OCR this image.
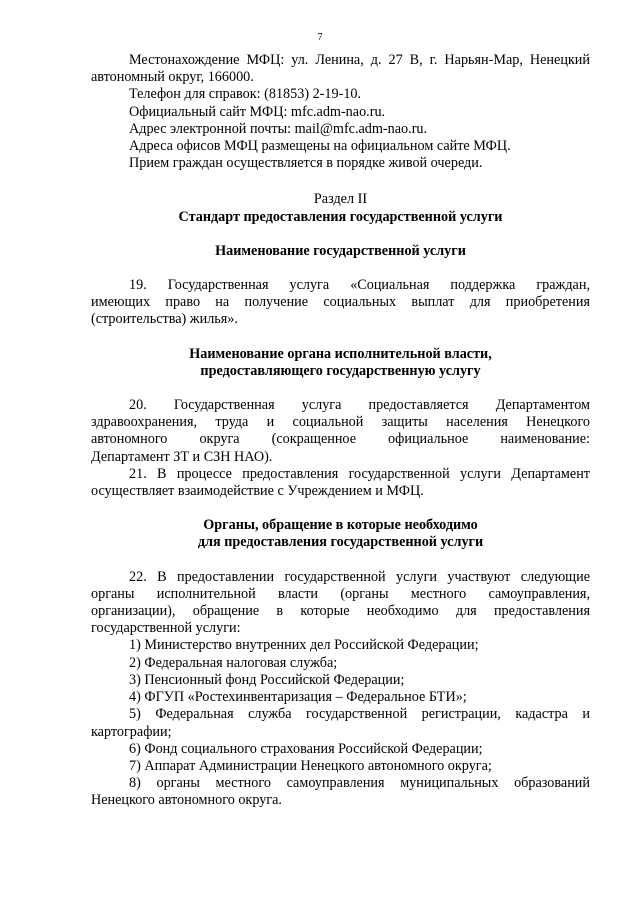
7

Местонахождение МФЦ: ул. Ленина, д. 27 В, г. Нарьян-Мар, Ненецкий

автономный округ, 166000.

Телефон для справок: (81853) 2-19-10.

Официальный сайт МФЦ: mfc.adm-nao.ru.

Адрес электронной почты: mail@mfc.adm-nao.ru.

Адреса офисов МФЦ размещены на официальном сайте МФЦ.

Прием граждан осуществляется в порядке живой очереди.

Раздел II

Стандарт предоставления государственной услуги

Наименование государственной услуги

19. Государственная услуга «Социальная поддержка граждан,

имеющих право на получение социальных выплат для приобретения

(строительства) жилья».

Наименование органа исполнительной власти,

предоставляющего государственную услугу

20. Государственная услуга предоставляется Департаментом

здравоохранения, труда и социальной защиты населения Ненецкого

автономного округа (сокращенное официальное наименование:

Департамент ЗТ и СЗН НАО).

21. В процессе предоставления государственной услуги Департамент

осуществляет взаимодействие с Учреждением и МФЦ.

Органы, обращение в которые необходимо

для предоставления государственной услуги

22. В предоставлении государственной услуги участвуют следующие

органы исполнительной власти (органы местного самоуправления,

организации), обращение в которые необходимо для предоставления

государственной услуги:

1) Министерство внутренних дел Российской Федерации;

2) Федеральная налоговая служба;

3) Пенсионный фонд Российской Федерации;

4) ФГУП «Ростехинвентаризация – Федеральное БТИ»;

5) Федеральная служба государственной регистрации, кадастра и

картографии;

6) Фонд социального страхования Российской Федерации;

7) Аппарат Администрации Ненецкого автономного округа;

8) органы местного самоуправления муниципальных образований

Ненецкого автономного округа.
